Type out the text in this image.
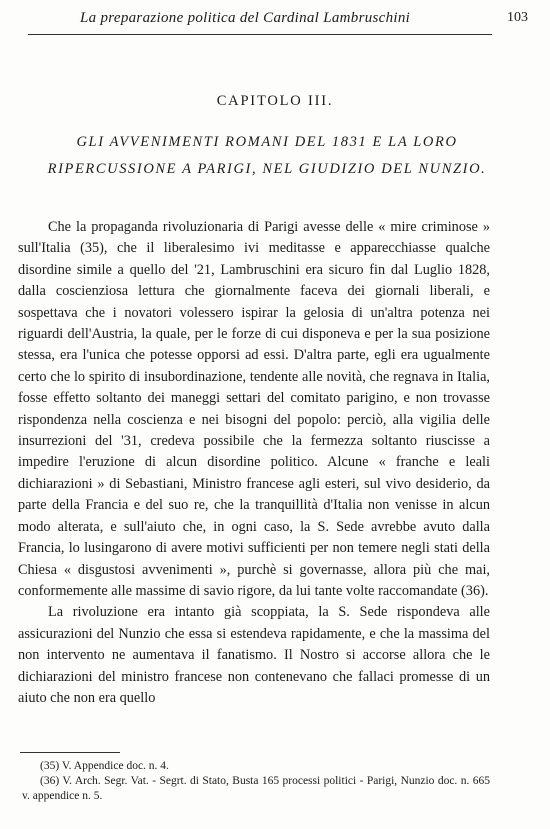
La preparazione politica del Cardinal Lambruschini	103
CAPITOLO III.
GLI AVVENIMENTI ROMANI DEL 1831 E LA LORO
RIPERCUSSIONE A PARIGI, NEL GIUDIZIO DEL NUNZIO.

Che la propaganda rivoluzionaria di Parigi avesse delle « mire criminose » sull'Italia (35), che il liberalesimo ivi meditasse e apparecchiasse qualche disordine simile a quello del '21, Lambruschini era sicuro fin dal Luglio 1828, dalla coscienziosa lettura che giornalmente faceva dei giornali liberali, e sospettava che i novatori volessero ispirar la gelosia di un'altra potenza nei riguardi dell'Austria, la quale, per le forze di cui disponeva e per la sua posizione stessa, era l'unica che potesse opporsi ad essi. D'altra parte, egli era ugualmente certo che lo spirito di insubordinazione, tendente alle novità, che regnava in Italia, fosse effetto soltanto dei maneggi settari del comitato parigino, e non trovasse rispondenza nella coscienza e nei bisogni del popolo: perciò, alla vigilia delle insurrezioni del '31, credeva possibile che la fermezza soltanto riuscisse a impedire l'eruzione di alcun disordine politico. Alcune « franche e leali dichiarazioni » di Sebastiani, Ministro francese agli esteri, sul vivo desiderio, da parte della Francia e del suo re, che la tranquillità d'Italia non venisse in alcun modo alterata, e sull'aiuto che, in ogni caso, la S. Sede avrebbe avuto dalla Francia, lo lusingarono di avere motivi sufficienti per non temere negli stati della Chiesa « disgustosi avvenimenti », purchè si governasse, allora più che mai, conformemente alle massime di savio rigore, da lui tante volte raccomandate (36).

La rivoluzione era intanto già scoppiata, la S. Sede rispondeva alle assicurazioni del Nunzio che essa si estendeva rapidamente, e che la massima del non intervento ne aumentava il fanatismo. Il Nostro si accorse allora che le dichiarazioni del ministro francese non contenevano che fallaci promesse di un aiuto che non era quello

(35) V. Appendice doc. n. 4.

(36) V. Arch. Segr. Vat. - Segrt. di Stato, Busta 165 processi politici - Parigi, Nunzio doc. n. 665 v. appendice n. 5.
